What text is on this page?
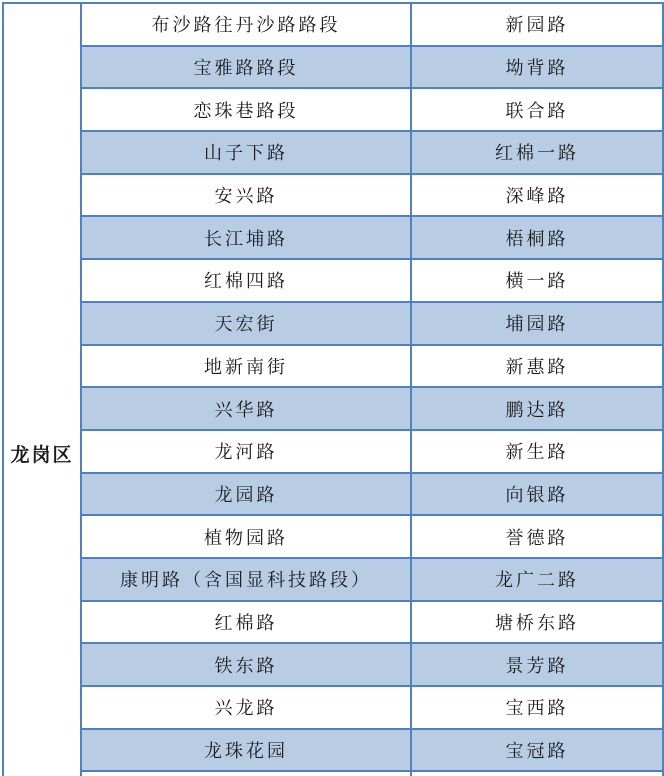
龙岗区	布沙路往丹沙路路段	新园路
	宝雅路路段	坳背路
	恋珠巷路段	联合路
	山子下路	红棉一路
	安兴路	深峰路
	长江埔路	梧桐路
	红棉四路	横一路
	天宏街	埔园路
	地新南街	新惠路
	兴华路	鹏达路
	龙河路	新生路
	龙园路	向银路
	植物园路	誉德路
	康明路（含国显科技路段）	龙广二路
	红棉路	塘桥东路
	铁东路	景芳路
	兴龙路	宝西路
	龙珠花园	宝冠路
